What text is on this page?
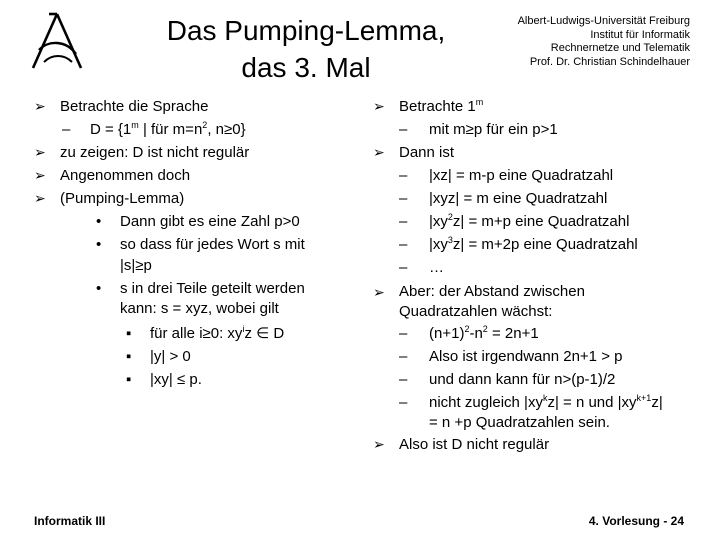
Das Pumping-Lemma,
das 3. Mal
Albert-Ludwigs-Universität Freiburg
Institut für Informatik
Rechnernetze und Telematik
Prof. Dr. Christian Schindelhauer
➢ Betrachte die Sprache
– $D = \{1^m$ | für $m=n^2$, n≥0}
➢ zu zeigen: D ist nicht regulär
➢ Angenommen doch
➢ (Pumping-Lemma)
• Dann gibt es eine Zahl p>0
• so dass für jedes Wort s mit
|s|≥p
• s in drei Teile geteilt werden
kann: s = xyz, wobei gilt
▪ für alle i≥0: $xy^iz$ ∈ D
▪ |y| > 0
▪ |xy| ≤ p.
➢ Betrachte 1$^m$
– mit m≥p für ein p>1
➢ Dann ist
– |xz| = m-p eine Quadratzahl
– |xyz| = m eine Quadratzahl
– $|xy^2z| = m+p$ eine Quadratzahl
– $|xy^3z| = m+2p$ eine Quadratzahl
– …
➢ Aber: der Abstand zwischen
Quadratzahlen wächst:
– $(n+1)^2-n^2 = 2n+1$
– Also ist irgendwann 2n+1 > p
– und dann kann für n>(p-1)/2
– nicht zugleich $|xy^kz| = n$ und $|xy^{k+1}z|$
= n +p Quadratzahlen sein.
➢ Also ist D nicht regulär
Informatik III	4. Vorlesung - 24
